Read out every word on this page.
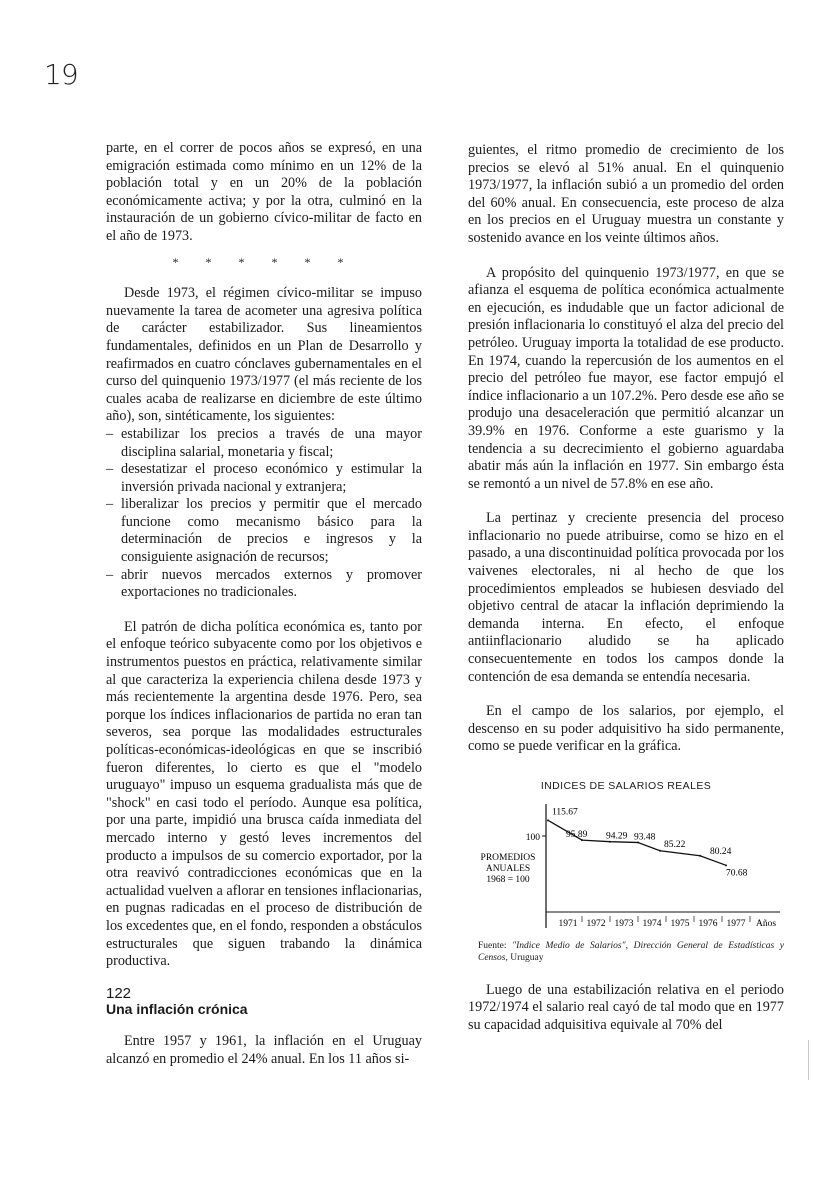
19

parte, en el correr de pocos años se expresó, en una emigración estimada como mínimo en un 12% de la población total y en un 20% de la población económicamente activa; y por la otra, culminó en la instauración de un gobierno cívico-militar de facto en el año de 1973.

* * * * * *

Desde 1973, el régimen cívico-militar se impuso nuevamente la tarea de acometer una agresiva política de carácter estabilizador. Sus lineamientos fundamentales, definidos en un Plan de Desarrollo y reafirmados en cuatro cónclaves gubernamentales en el curso del quinquenio 1973/1977 (el más reciente de los cuales acaba de realizarse en diciembre de este último año), son, sintéticamente, los siguientes:

– estabilizar los precios a través de una mayor disciplina salarial, monetaria y fiscal;
– desestatizar el proceso económico y estimular la inversión privada nacional y extranjera;
– liberalizar los precios y permitir que el mercado funcione como mecanismo básico para la determinación de precios e ingresos y la consiguiente asignación de recursos;
– abrir nuevos mercados externos y promover exportaciones no tradicionales.

El patrón de dicha política económica es, tanto por el enfoque teórico subyacente como por los objetivos e instrumentos puestos en práctica, relativamente similar al que caracteriza la experiencia chilena desde 1973 y más recientemente la argentina desde 1976. Pero, sea porque los índices inflacionarios de partida no eran tan severos, sea porque las modalidades estructurales políticas-económicas-ideológicas en que se inscribió fueron diferentes, lo cierto es que el "modelo uruguayo" impuso un esquema gradualista más que de "shock" en casi todo el período. Aunque esa política, por una parte, impidió una brusca caída inmediata del mercado interno y gestó leves incrementos del producto a impulsos de su comercio exportador, por la otra reavivó contradicciones económicas que en la actualidad vuelven a aflorar en tensiones inflacionarias, en pugnas radicadas en el proceso de distribución de los excedentes que, en el fondo, responden a obstáculos estructurales que siguen trabando la dinámica productiva.

Una inflación crónica

Entre 1957 y 1961, la inflación en el Uruguay alcanzó en promedio el 24% anual. En los 11 años si-

122

guientes, el ritmo promedio de crecimiento de los precios se elevó al 51% anual. En el quinquenio 1973/1977, la inflación subió a un promedio del orden del 60% anual. En consecuencia, este proceso de alza en los precios en el Uruguay muestra un constante y sostenido avance en los veinte últimos años.

A propósito del quinquenio 1973/1977, en que se afianza el esquema de política económica actualmente en ejecución, es indudable que un factor adicional de presión inflacionaria lo constituyó el alza del precio del petróleo. Uruguay importa la totalidad de ese producto. En 1974, cuando la repercusión de los aumentos en el precio del petróleo fue mayor, ese factor empujó el índice inflacionario a un 107.2%. Pero desde ese año se produjo una desaceleración que permitió alcanzar un 39.9% en 1976. Conforme a este guarismo y la tendencia a su decrecimiento el gobierno aguardaba abatir más aún la inflación en 1977. Sin embargo ésta se remontó a un nivel de 57.8% en ese año.

La pertinaz y creciente presencia del proceso inflacionario no puede atribuirse, como se hizo en el pasado, a una discontinuidad política provocada por los vaivenes electorales, ni al hecho de que los procedimientos empleados se hubiesen desviado del objetivo central de atacar la inflación deprimiendo la demanda interna. En efecto, el enfoque antiinflacionario aludido se ha aplicado consecuentemente en todos los campos donde la contención de esa demanda se entendía necesaria.

En el campo de los salarios, por ejemplo, el descenso en su poder adquisitivo ha sido permanente, como se puede verificar en la gráfica.

INDICES DE SALARIOS REALES
100
PROMEDIOS
ANUALES
1968 = 100
1971 1972 1973 1974 1975 1976 1977 Años
115.67
95.89 94.29 93.48
85.22
80.24
70.68

Fuente: "Indice Medio de Salarios", Dirección General de Estadísticas y Censos, Uruguay

Luego de una estabilización relativa en el periodo 1972/1974 el salario real cayó de tal modo que en 1977 su capacidad adquisitiva equivale al 70% del
